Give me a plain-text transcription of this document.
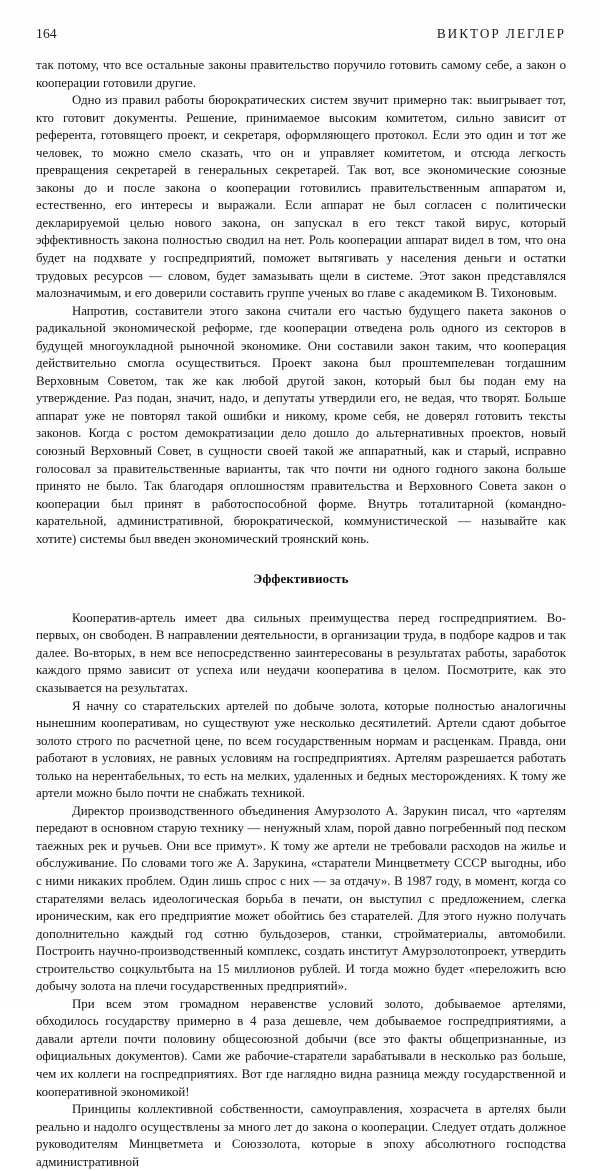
164	ВИКТОР ЛЕГЛЕР

так потому, что все остальные законы правительство поручило готовить самому себе, а закон о кооперации готовили другие.

Одно из правил работы бюрократических систем звучит примерно так: выигрывает тот, кто готовит документы. Решение, принимаемое высоким комитетом, сильно зависит от референта, готовящего проект, и секретаря, оформляющего протокол. Если это один и тот же человек, то можно смело сказать, что он и управляет комитетом, и отсюда легкость превращения секретарей в генеральных секретарей. Так вот, все экономические союзные законы до и после закона о кооперации готовились правительственным аппаратом и, естественно, его интересы и выражали. Если аппарат не был согласен с политически декларируемой целью нового закона, он запускал в его текст такой вирус, который эффективность закона полностью сводил на нет. Роль кооперации аппарат видел в том, что она будет на подхвате у госпредприятий, поможет вытягивать у населения деньги и остатки трудовых ресурсов — словом, будет замазывать щели в системе. Этот закон представлялся малозначимым, и его доверили составить группе ученых во главе с академиком В. Тихоновым.

Напротив, составители этого закона считали его частью будущего пакета законов о радикальной экономической реформе, где кооперации отведена роль одного из секторов в будущей многоукладной рыночной экономике. Они составили закон таким, что кооперация действительно смогла осуществиться. Проект закона был проштемпелеван тогдашним Верховным Советом, так же как любой другой закон, который был бы подан ему на утверждение. Раз подан, значит, надо, и депутаты утвердили его, не ведая, что творят. Больше аппарат уже не повторял такой ошибки и никому, кроме себя, не доверял готовить тексты законов. Когда с ростом демократизации дело дошло до альтернативных проектов, новый союзный Верховный Совет, в сущности своей такой же аппаратный, как и старый, исправно голосовал за правительственные варианты, так что почти ни одного годного закона больше принято не было. Так благодаря оплошностям правительства и Верховного Совета закон о кооперации был принят в работоспособной форме. Внутрь тоталитарной (командно-карательной, административной, бюрократической, коммунистической — называйте как хотите) системы был введен экономический троянский конь.

Эффективиость

Кооператив-артель имеет два сильных преимущества перед госпредприятием. Во-первых, он свободен. В направлении деятельности, в организации труда, в подборе кадров и так далее. Во-вторых, в нем все непосредственно заинтересованы в результатах работы, заработок каждого прямо зависит от успеха или неудачи кооператива в целом. Посмотрите, как это сказывается на результатах.

Я начну со старательских артелей по добыче золота, которые полностью аналогичны нынешним кооперативам, но существуют уже несколько десятилетий. Артели сдают добытое золото строго по расчетной цене, по всем государственным нормам и расценкам. Правда, они работают в условиях, не равных условиям на госпредприятиях. Артелям разрешается работать только на нерентабельных, то есть на мелких, удаленных и бедных месторождениях. К тому же артели можно было почти не снабжать техникой.

Директор производственного объединения Амурзолото А. Зарукин писал, что «артелям передают в основном старую технику — ненужный хлам, порой давно погребенный под песком таежных рек и ручьев. Они все примут». К тому же артели не требовали расходов на жилье и обслуживание. По словами того же А. Зарукина, «старатели Минцветмету СССР выгодны, ибо с ними никаких проблем. Один лишь спрос с них — за отдачу». В 1987 году, в момент, когда со старателями велась идеологическая борьба в печати, он выступил с предложением, слегка ироническим, как его предприятие может обойтись без старателей. Для этого нужно получать дополнительно каждый год сотню бульдозеров, станки, стройматериалы, автомобили. Построить научно-производственный комплекс, создать институт Амурзолотопроект, утвердить строительство соцкультбыта на 15 миллионов рублей. И тогда можно будет «переложить всю добычу золота на плечи государственных предприятий».

При всем этом громадном неравенстве условий золото, добываемое артелями, обходилось государству примерно в 4 раза дешевле, чем добываемое госпредприятиями, а давали артели почти половину общесоюзной добычи (все это факты общепризнанные, из официальных документов). Сами же рабочие-старатели зарабатывали в несколько раз больше, чем их коллеги на госпредприятиях. Вот где наглядно видна разница между государственной и кооперативной экономикой!

Принципы коллективной собственности, самоуправления, хозрасчета в артелях были реально и надолго осуществлены за много лет до закона о кооперации. Следует отдать должное руководителям Минцветмета и Союззолота, которые в эпоху абсолютного господства административной
